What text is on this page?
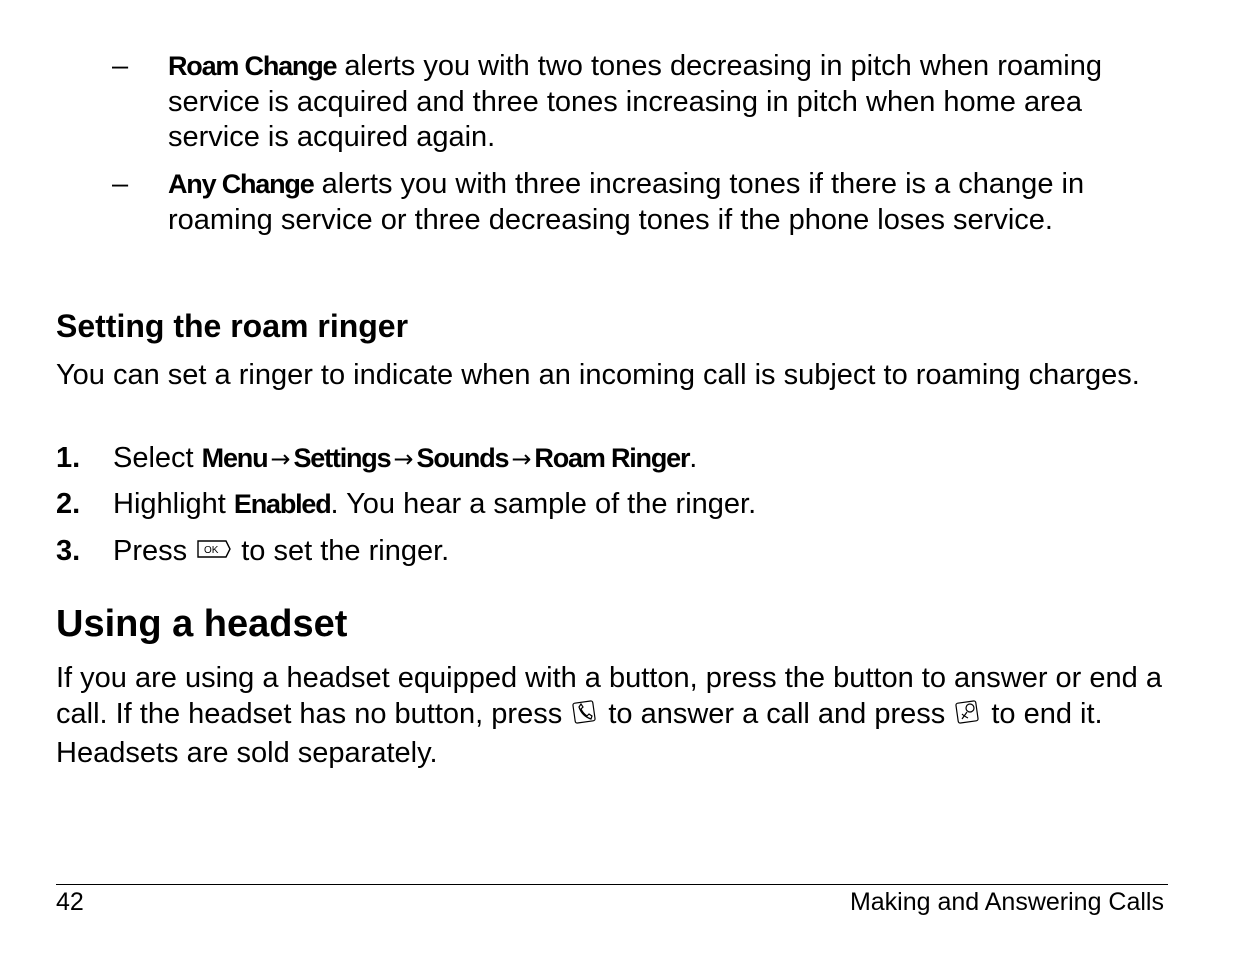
–	Roam Change alerts you with two tones decreasing in pitch when roaming service is acquired and three tones increasing in pitch when home area service is acquired again.
–	Any Change alerts you with three increasing tones if there is a change in roaming service or three decreasing tones if the phone loses service.
Setting the roam ringer
You can set a ringer to indicate when an incoming call is subject to roaming charges.
1. Select Menu → Settings → Sounds → Roam Ringer.
2. Highlight Enabled. You hear a sample of the ringer.
3. Press OK to set the ringer.
Using a headset
If you are using a headset equipped with a button, press the button to answer or end a call. If the headset has no button, press  to answer a call and press  to end it. Headsets are sold separately.
42	Making and Answering Calls
